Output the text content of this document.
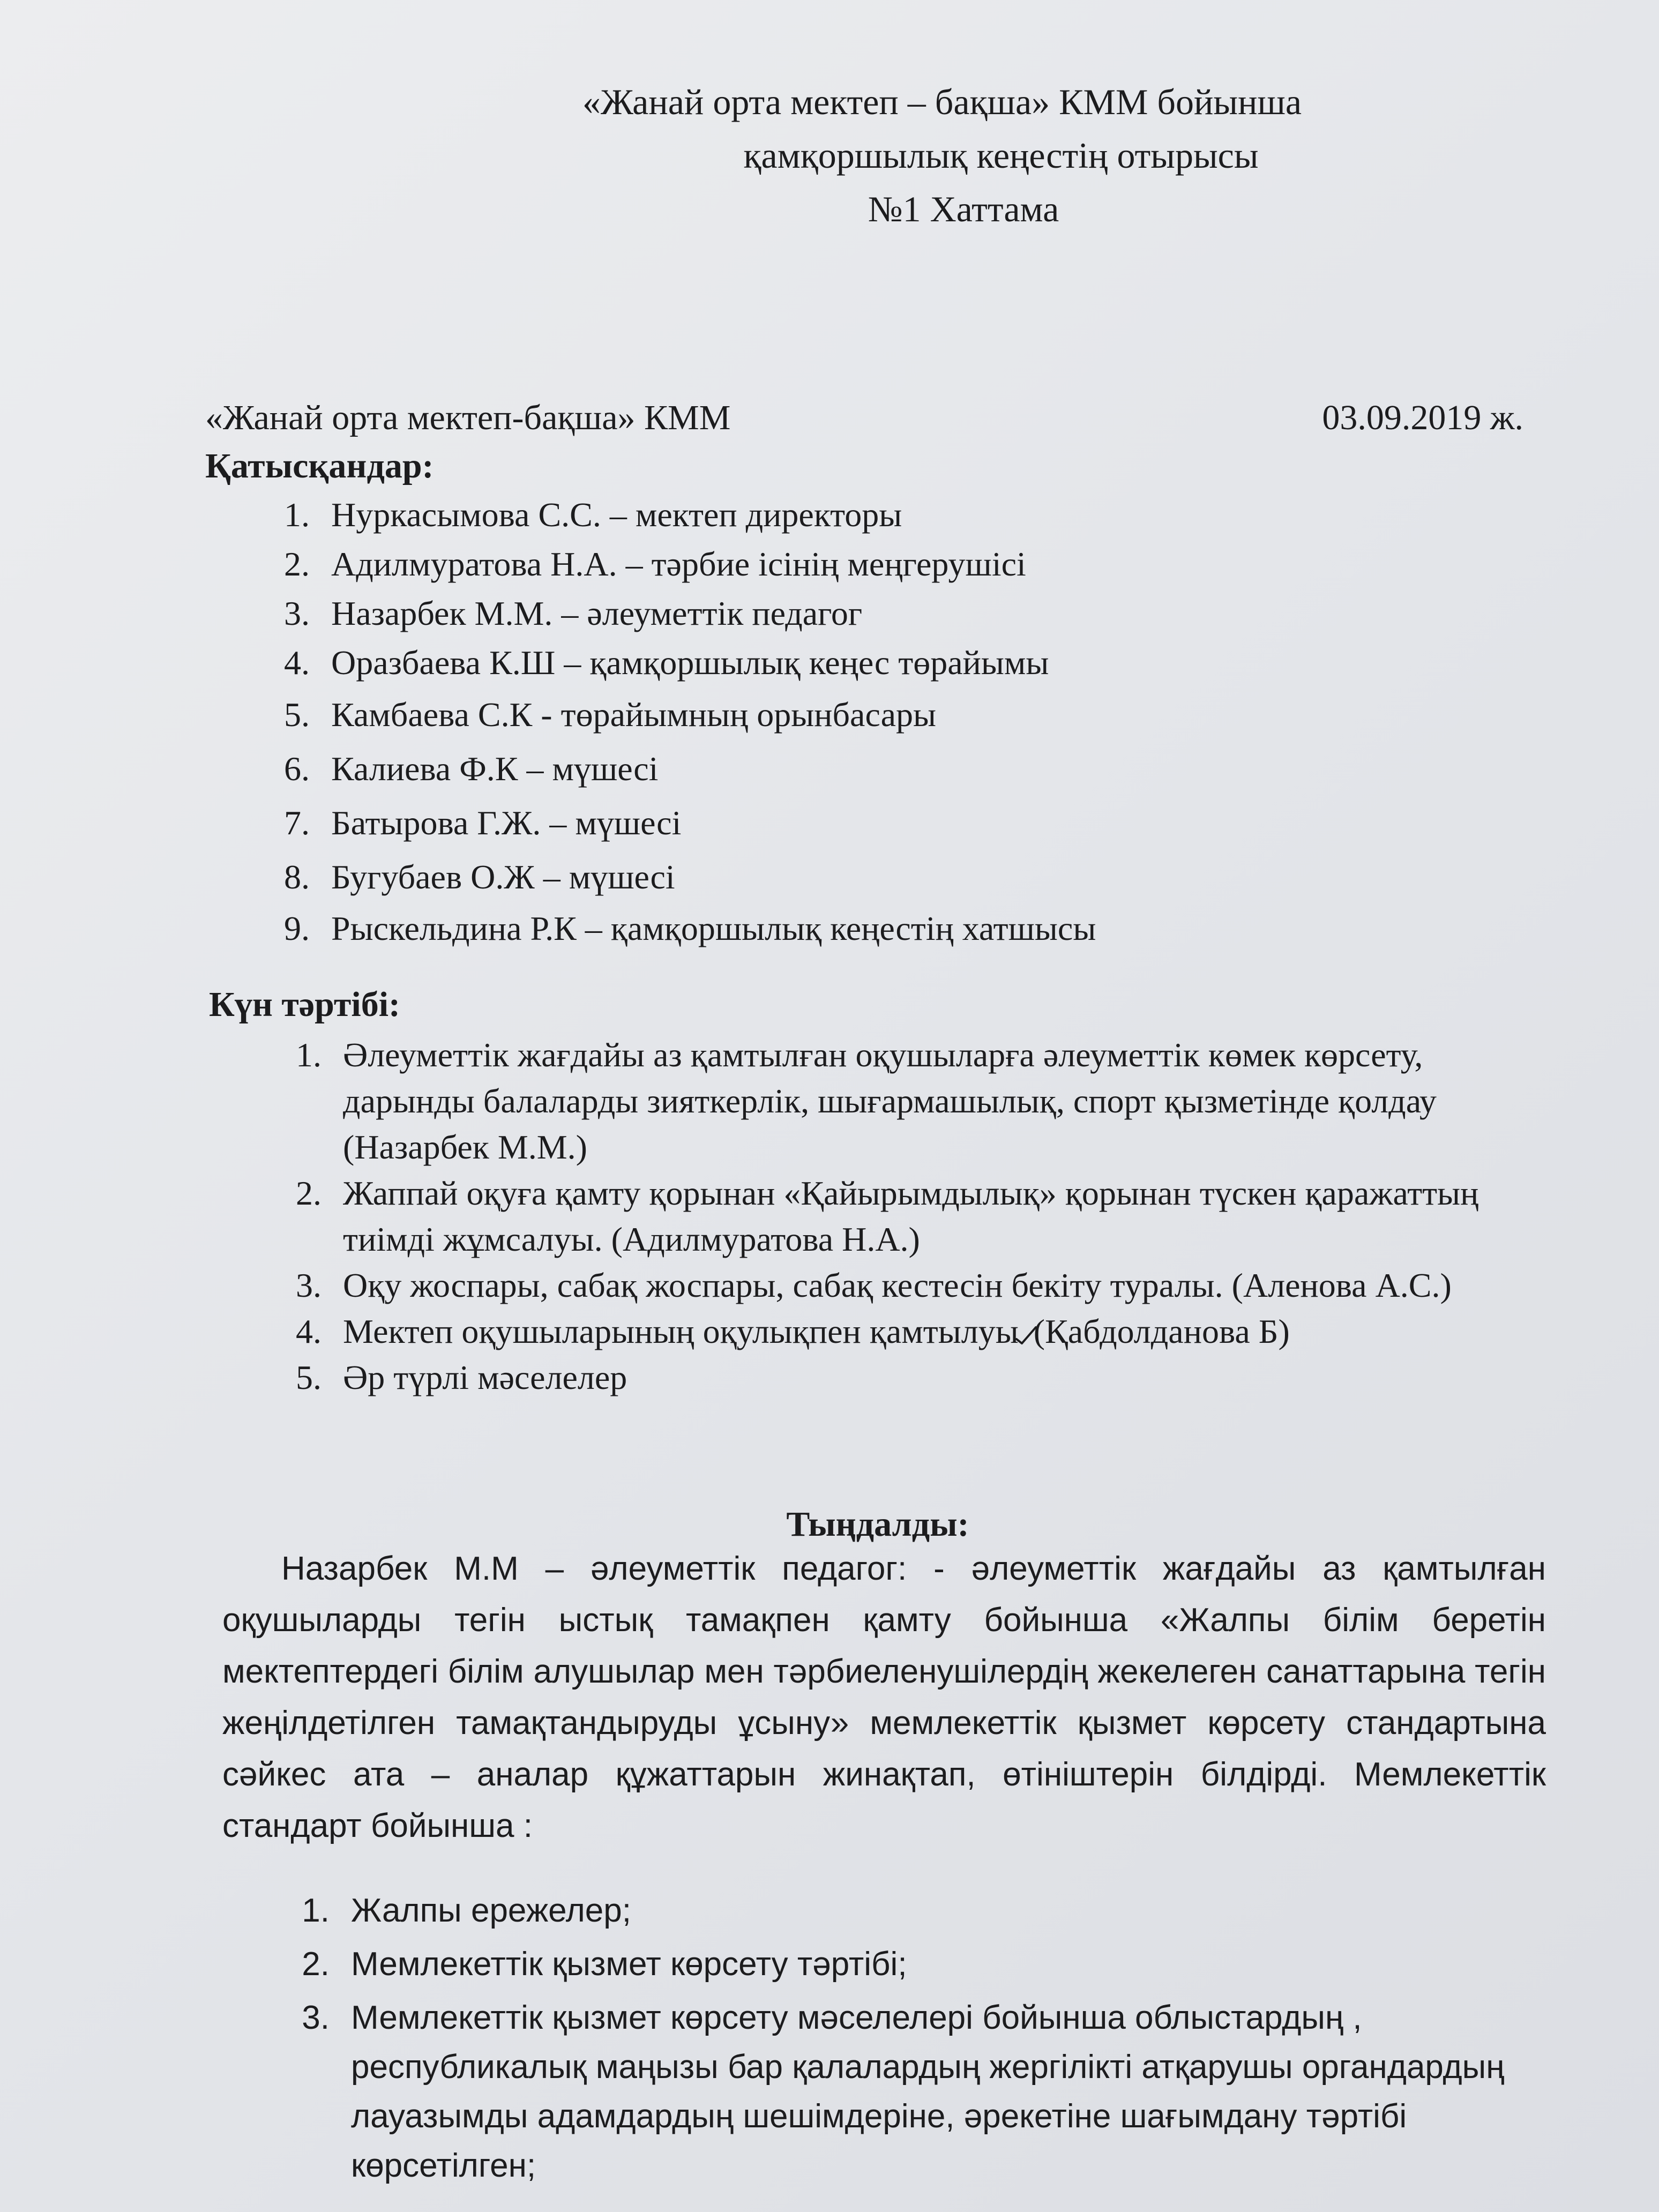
«Жанай орта мектеп – бақша» КММ бойынша
қамқоршылық кеңестің отырысы
№1 Хаттама
«Жанай орта мектеп-бақша» КММ	03.09.2019 ж.
Қатысқандар:
1. Нуркасымова С.С. – мектеп директоры
2. Адилмуратова Н.А. – тәрбие ісінің меңгерушісі
3. Назарбек М.М. – әлеуметтік педагог
4. Оразбаева К.Ш – қамқоршылық кеңес төрайымы
5. Камбаева С.К - төрайымның орынбасары
6. Калиева Ф.К – мүшесі
7. Батырова Г.Ж. – мүшесі
8. Бугубаев О.Ж – мүшесі
9. Рыскельдина Р.К – қамқоршылық кеңестің хатшысы
Күн тәртібі:
1. Әлеуметтік жағдайы аз қамтылған оқушыларға әлеуметтік көмек көрсету, дарынды балаларды зияткерлік, шығармашылық, спорт қызметінде қолдау (Назарбек М.М.)
2. Жаппай оқуға қамту қорынан «Қайырымдылық» қорынан түскен қаражаттың тиімді жұмсалуы. (Адилмуратова Н.А.)
3. Оқу жоспары, сабақ жоспары, сабақ кестесін бекіту туралы. (Аленова А.С.)
4. Мектеп оқушыларының оқулықпен қамтылуы (Қабдолданова Б)
5. Әр түрлі мәселелер
Тыңдалды:
Назарбек М.М – әлеуметтік педагог: - әлеуметтік жағдайы аз қамтылған оқушыларды тегін ыстық тамақпен қамту бойынша «Жалпы білім беретін мектептердегі білім алушылар мен тәрбиеленушілердің жекелеген санаттарына тегін жеңілдетілген тамақтандыруды ұсыну» мемлекеттік қызмет көрсету стандартына сәйкес ата – аналар құжаттарын жинақтап, өтініштерін білдірді. Мемлекеттік стандарт бойынша :
1. Жалпы ережелер;
2. Мемлекеттік қызмет көрсету тәртібі;
3. Мемлекеттік қызмет көрсету мәселелері бойынша облыстардың , республикалық маңызы бар қалалардың жергілікті атқарушы органдардың лауазымды адамдардың шешімдеріне, әрекетіне шағымдану тәртібі көрсетілген;
